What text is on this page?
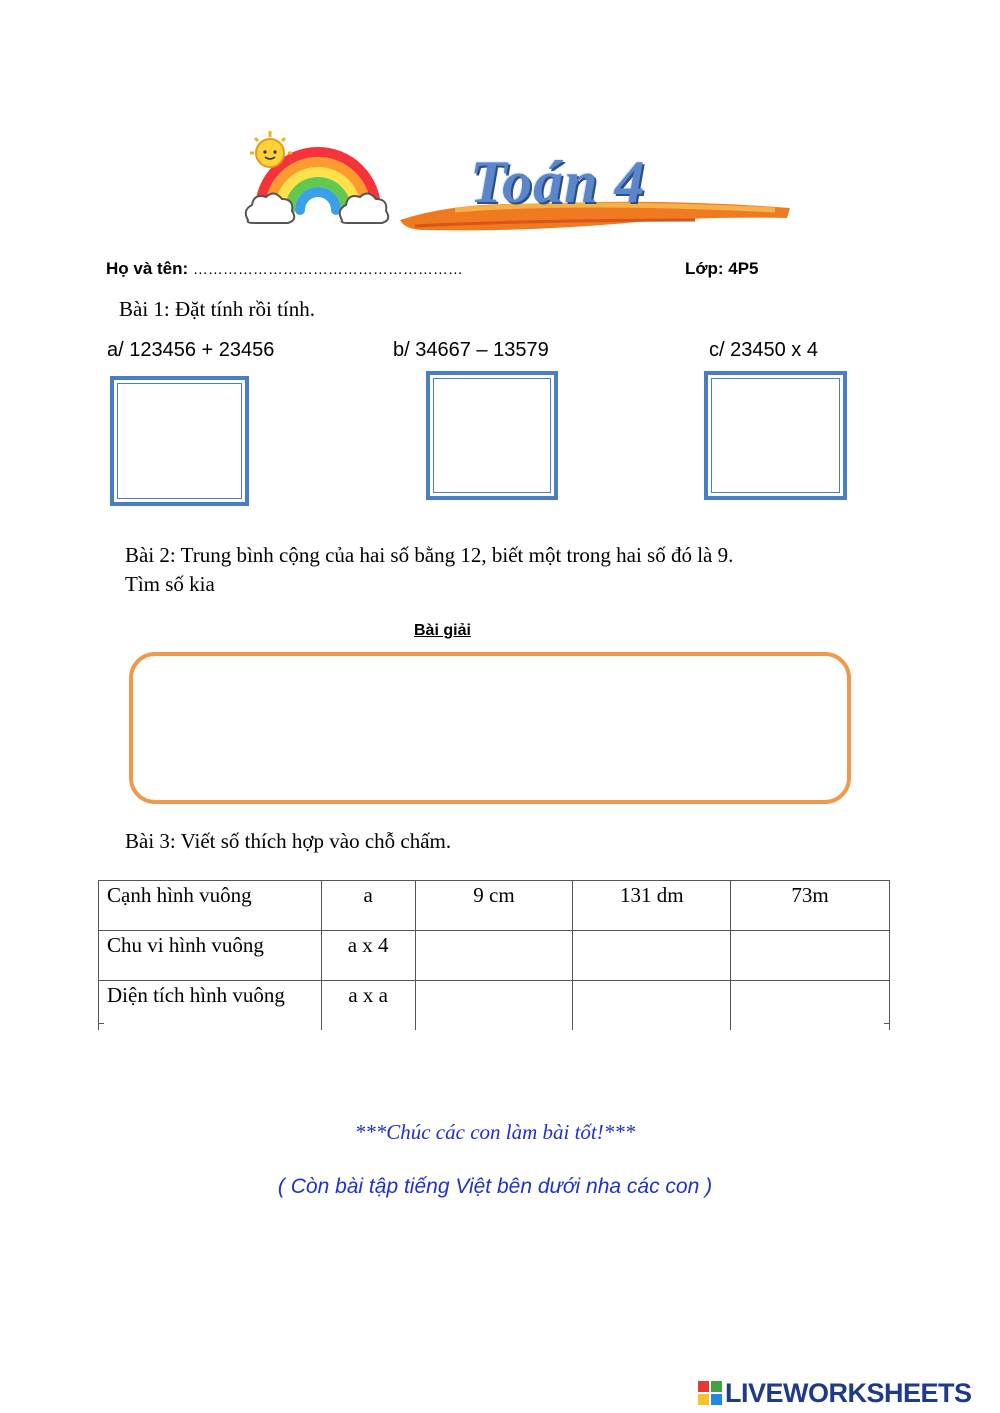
Toán 4
Họ và tên: ………………………………………………	Lớp: 4P5
Bài 1: Đặt tính rồi tính.
a/ 123456 + 23456	b/ 34667 – 13579	c/ 23450 x 4
Bài 2: Trung bình cộng của hai số bằng 12, biết một trong hai số đó là 9.
Tìm số kia
Bài giải
Bài 3: Viết số thích hợp vào chỗ chấm.
Cạnh hình vuông	a	9 cm	131 dm	73m
Chu vi hình vuông	a x 4			
Diện tích hình vuông	a x a			
***Chúc các con làm bài tốt!***
( Còn bài tập tiếng Việt bên dưới nha các con )
LIVEWORKSHEETS
